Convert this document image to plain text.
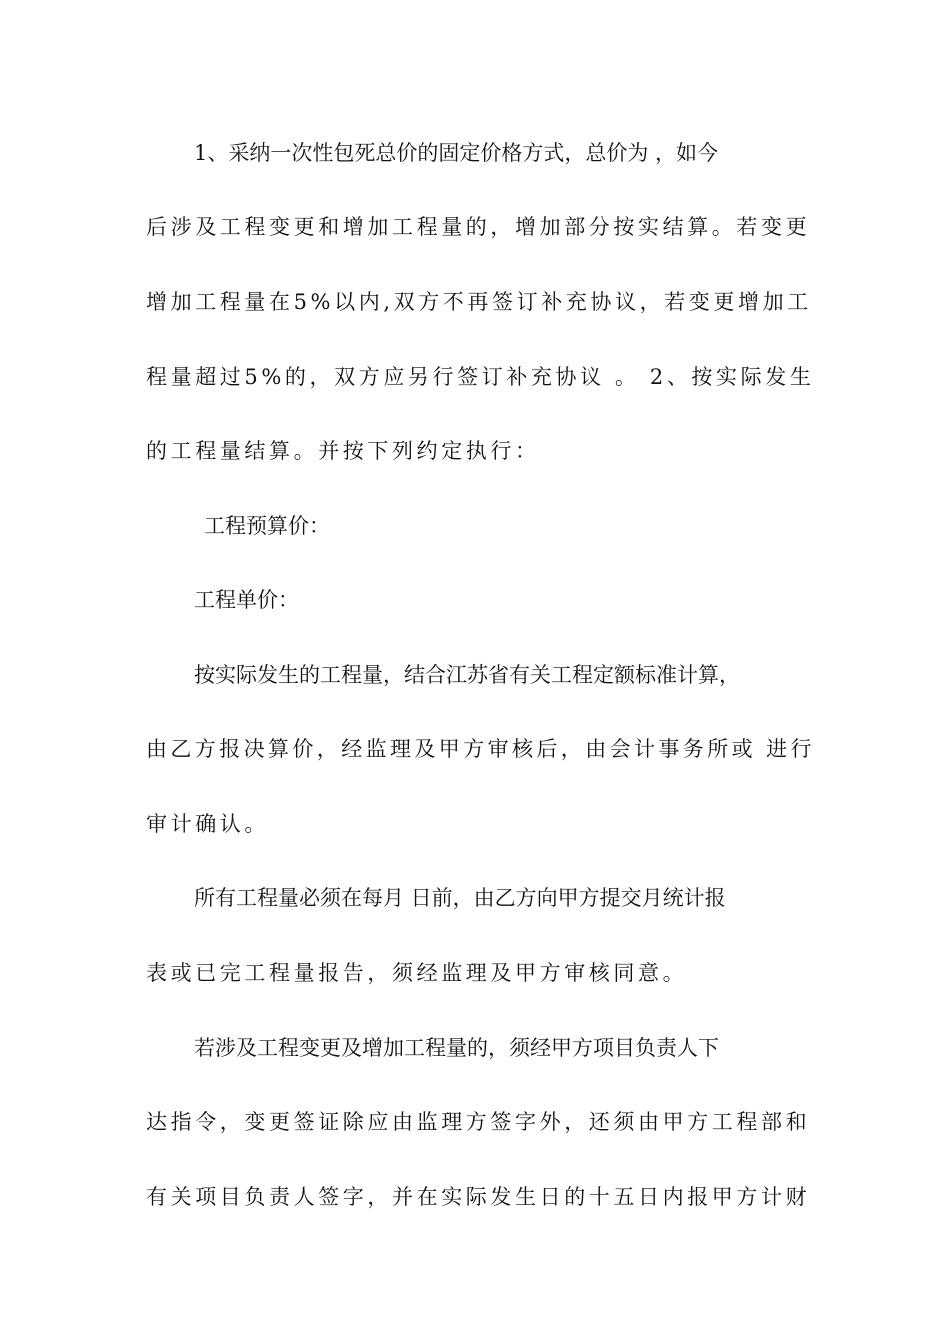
1、采纳一次性包死总价的固定价格方式，总价为 ，如今
后涉及工程变更和增加工程量的，增加部分按实结算。若变更
增加工程量在5%以内,双方不再签订补充协议，若变更增加工
程量超过5%的，双方应另行签订补充协议 。 2、按实际发生
的工程量结算。并按下列约定执行：
工程预算价：
工程单价：
按实际发生的工程量，结合江苏省有关工程定额标准计算，
由乙方报决算价，经监理及甲方审核后，由会计事务所或 进行
审计确认。
所有工程量必须在每月 日前，由乙方向甲方提交月统计报
表或已完工程量报告，须经监理及甲方审核同意。
若涉及工程变更及增加工程量的，须经甲方项目负责人下
达指令，变更签证除应由监理方签字外，还须由甲方工程部和
有关项目负责人签字，并在实际发生日的十五日内报甲方计财
